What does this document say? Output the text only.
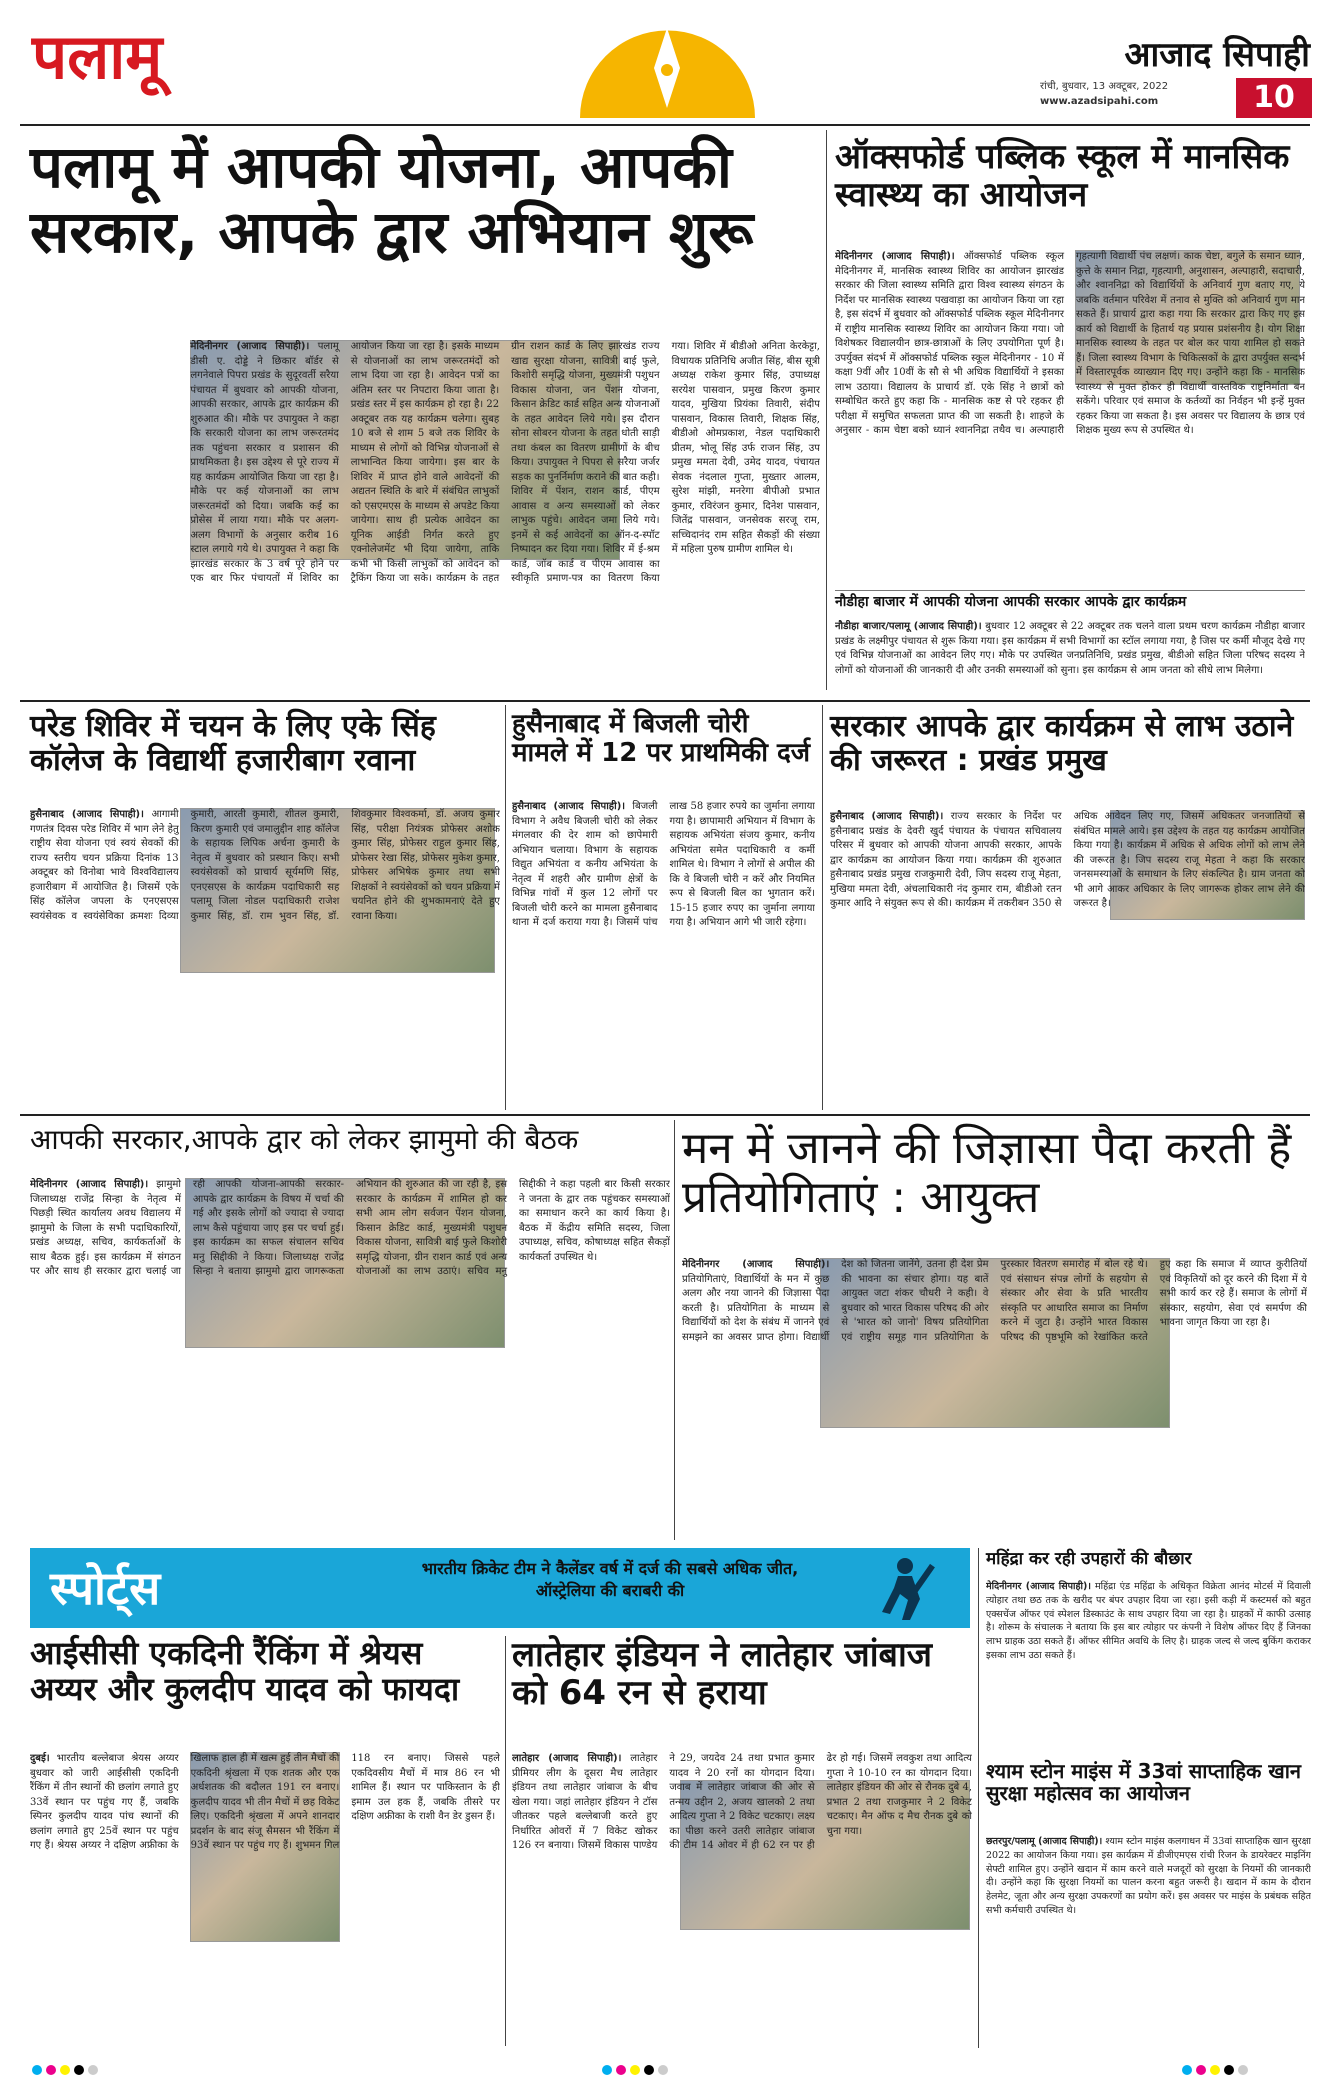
पलामू	आजाद सिपाही
रांची, बुधवार, 13 अक्टूबर, 2022
www.azadsipahi.com	10
पलामू में आपकी योजना, आपकी सरकार, आपके द्वार अभियान शुरू
मेदिनीनगर (आजाद सिपाही)। पलामू डीसी ए. दोड्डे ने छिकार बॉर्डर से लगनेवाले पिपरा प्रखंड के सुदूरवर्ती सरैया पंचायत में बुधवार को आपकी योजना, आपकी सरकार, आपके द्वार कार्यक्रम की शुरुआत की। मौके पर उपायुक्त ने कहा कि सरकारी योजना का लाभ जरूरतमंद तक पहुंचना सरकार व प्रशासन की प्राथमिकता है। इस उद्देश्य से पूरे राज्य में यह कार्यक्रम आयोजित किया जा रहा है। मौके पर कई योजनाओं का लाभ जरूरतमंदों को दिया। जबकि कई का प्रोसेस में लाया गया। मौके पर अलग-अलग विभागों के अनुसार करीब 16 स्टाल लगाये गये थे। उपायुक्त ने कहा कि झारखंड सरकार के 3 वर्ष पूरे होने पर एक बार फिर पंचायतों में शिविर का आयोजन किया जा रहा है। इसके माध्यम से योजनाओं का लाभ जरूरतमंदों को लाभ दिया जा रहा है। आवेदन पत्रों का अंतिम स्तर पर निपटारा किया जाता है। प्रखंड स्तर में इस कार्यक्रम हो रहा है। 22 अक्टूबर तक यह कार्यक्रम चलेगा। सुबह 10 बजे से शाम 5 बजे तक शिविर के माध्यम से लोगों को विभिन्न योजनाओं से लाभान्वित किया जायेगा। इस बार के शिविर में प्राप्त होने वाले आवेदनों की अद्यतन स्थिति के बारे में संबंधित लाभुकों को एसएमएस के माध्यम से अपडेट किया जायेगा। साथ ही प्रत्येक आवेदन का यूनिक आईडी निर्गत करते हुए एक्नोलेजमेंट भी दिया जायेगा, ताकि कभी भी किसी लाभुकों को आवेदन को ट्रैकिंग किया जा सके। कार्यक्रम के तहत ग्रीन राशन कार्ड के लिए झारखंड राज्य खाद्य सुरक्षा योजना, सावित्री बाई फुले, किशोरी समृद्धि योजना, मुख्यमंत्री पशुधन विकास योजना, जन पेंशन योजना, किसान क्रेडिट कार्ड सहित अन्य योजनाओं के तहत आवेदन लिये गये। इस दौरान सोना सोबरन योजना के तहत धोती साड़ी तथा कंबल का वितरण ग्रामीणों के बीच किया। उपायुक्त ने पिपरा से सरैया जर्जर सड़क का पुनर्निर्माण कराने की बात कही। शिविर में पेंशन, राशन कार्ड, पीएम आवास व अन्य समस्याओं को लेकर लाभुक पहुंचे। आवेदन जमा लिये गये। इनमें से कई आवेदनों का ऑन-द-स्पॉट निष्पादन कर दिया गया। शिविर में ई-श्रम कार्ड, जॉब कार्ड व पीएम आवास का स्वीकृति प्रमाण-पत्र का वितरण किया गया। शिविर में बीडीओ अनिता केरकेट्टा, विधायक प्रतिनिधि अजीत सिंह, बीस सूत्री अध्यक्ष राकेश कुमार सिंह, उपाध्यक्ष सरयेश पासवान, प्रमुख किरण कुमार यादव, मुखिया प्रियंका तिवारी, संदीप पासवान, विकास तिवारी, शिक्षक सिंह, बीडीओ ओमप्रकाश, नेडल पदाधिकारी प्रीतम, भोलू सिंह उर्फ राजन सिंह, उप प्रमुख ममता देवी, उमेद यादव, पंचायत सेवक नंदलाल गुप्ता, मुख्तार आलम, सुरेश मांझी, मनरेगा बीपीओ प्रभात कुमार, रविरंजन कुमार, दिनेश पासवान, जितेंद्र पासवान, जनसेवक सरजू राम, सच्चिदानंद राम सहित सैकड़ों की संख्या में महिला पुरुष ग्रामीण शामिल थे।
ऑक्सफोर्ड पब्लिक स्कूल में मानसिक स्वास्थ्य का आयोजन
मेदिनीनगर (आजाद सिपाही)। ऑक्सफोर्ड पब्लिक स्कूल मेदिनीनगर में, मानसिक स्वास्थ्य शिविर का आयोजन झारखंड सरकार की जिला स्वास्थ्य समिति द्वारा विश्व स्वास्थ्य संगठन के निर्देश पर मानसिक स्वास्थ्य पखवाड़ा का आयोजन किया जा रहा है, इस संदर्भ में बुधवार को ऑक्सफोर्ड पब्लिक स्कूल मेदिनीनगर में राष्ट्रीय मानसिक स्वास्थ्य शिविर का आयोजन किया गया। जो विशेषकर विद्यालयीन छात्र-छात्राओं के लिए उपयोगिता पूर्ण है। उपर्युक्त संदर्भ में ऑक्सफोर्ड पब्लिक स्कूल मेदिनीनगर - 10 में कक्षा 9वीं और 10वीं के सौ से भी अधिक विद्यार्थियों ने इसका लाभ उठाया। विद्यालय के प्राचार्य डॉ. एके सिंह ने छात्रों को सम्बोधित करते हुए कहा कि - मानसिक कष्ट से परे रहकर ही परीक्षा में समुचित सफलता प्राप्त की जा सकती है। शाहजे के अनुसार - काम चेष्टा बको ध्यानं श्वाननिद्रा तथैव च। अल्पाहारी गृहत्यागी विद्यार्थी पंच लक्षणं। काक चेष्टा, बगुले के समान ध्यान, कुत्ते के समान निद्रा, गृहत्यागी, अनुशासन, अल्पाहारी, सदाचारी, और श्वाननिद्रा को विद्यार्थियों के अनिवार्य गुण बताए गए, ये जबकि वर्तमान परिवेश में तनाव से मुक्ति को अनिवार्य गुण मान सकते हैं। प्राचार्य द्वारा कहा गया कि सरकार द्वारा किए गए इस कार्य को विद्यार्थी के हितार्थ यह प्रयास प्रशंसनीय है। योग शिक्षा मानसिक स्वास्थ्य के तहत पर बोल कर पाया शामिल हो सकते हैं। जिला स्वास्थ्य विभाग के चिकित्सकों के द्वारा उपर्युक्त सन्दर्भ में विस्तारपूर्वक व्याख्यान दिए गए। उन्होंने कहा कि - मानसिक स्वास्थ्य से मुक्त होकर ही विद्यार्थी वास्तविक राष्ट्रनिर्माता बन सकेंगे। परिवार एवं समाज के कर्तव्यों का निर्वहन भी इन्हें मुक्त रहकर किया जा सकता है। इस अवसर पर विद्यालय के छात्र एवं शिक्षक मुख्य रूप से उपस्थित थे।
नौडीहा बाजार में आपकी योजना आपकी सरकार आपके द्वार कार्यक्रम
नौडीहा बाजार/पलामू (आजाद सिपाही)। बुधवार 12 अक्टूबर से 22 अक्टूबर तक चलने वाला प्रथम चरण कार्यक्रम नौडीहा बाजार प्रखंड के लक्ष्मीपुर पंचायत से शुरू किया गया। इस कार्यक्रम में सभी विभागों का स्टॉल लगाया गया, है जिस पर कर्मी मौजूद देखे गए एवं विभिन्न योजनाओं का आवेदन लिए गए। मौके पर उपस्थित जनप्रतिनिधि, प्रखंड प्रमुख, बीडीओ सहित जिला परिषद सदस्य ने लोगों को योजनाओं की जानकारी दी और उनकी समस्याओं को सुना। इस कार्यक्रम से आम जनता को सीधे लाभ मिलेगा।
परेड शिविर में चयन के लिए एके सिंह कॉलेज के विद्यार्थी हजारीबाग रवाना
हुसैनाबाद (आजाद सिपाही)। आगामी गणतंत्र दिवस परेड शिविर में भाग लेने हेतु राष्ट्रीय सेवा योजना एवं स्वयं सेवकों की राज्य स्तरीय चयन प्रक्रिया दिनांक 13 अक्टूबर को विनोबा भावे विश्वविद्यालय हजारीबाग में आयोजित है। जिसमें एके सिंह कॉलेज जपला के एनएसएस स्वयंसेवक व स्वयंसेविका क्रमशः दिव्या कुमारी, आरती कुमारी, शीतल कुमारी, किरण कुमारी एवं जमालुद्दीन शाह कॉलेज के सहायक लिपिक अर्चना कुमारी के नेतृत्व में बुधवार को प्रस्थान किए। सभी स्वयंसेवकों को प्राचार्य सूर्यमणि सिंह, एनएसएस के कार्यक्रम पदाधिकारी सह पलामू जिला नोडल पदाधिकारी राजेश कुमार सिंह, डॉ. राम भुवन सिंह, डॉ. शिवकुमार विश्वकर्मा, डॉ. अजय कुमार सिंह, परीक्षा नियंत्रक प्रोफेसर अशोक कुमार सिंह, प्रोफेसर राहुल कुमार सिंह, प्रोफेसर रेखा सिंह, प्रोफेसर मुकेश कुमार, प्रोफेसर अभिषेक कुमार तथा सभी शिक्षकों ने स्वयंसेवकों को चयन प्रक्रिया में चयनित होने की शुभकामनाएं देते हुए रवाना किया।
हुसैनाबाद में बिजली चोरी मामले में 12 पर प्राथमिकी दर्ज
हुसैनाबाद (आजाद सिपाही)। बिजली विभाग ने अवैध बिजली चोरी को लेकर मंगलवार की देर शाम को छापेमारी अभियान चलाया। विभाग के सहायक विद्युत अभियंता व कनीय अभियंता के नेतृत्व में शहरी और ग्रामीण क्षेत्रों के विभिन्न गांवों में कुल 12 लोगों पर बिजली चोरी करने का मामला हुसैनाबाद थाना में दर्ज कराया गया है। जिसमें पांच लाख 58 हजार रुपये का जुर्माना लगाया गया है। छापामारी अभियान में विभाग के सहायक अभियंता संजय कुमार, कनीय अभियंता समेत पदाधिकारी व कर्मी शामिल थे। विभाग ने लोगों से अपील की कि वे बिजली चोरी न करें और नियमित रूप से बिजली बिल का भुगतान करें। 15-15 हजार रुपए का जुर्माना लगाया गया है। अभियान आगे भी जारी रहेगा।
सरकार आपके द्वार कार्यक्रम से लाभ उठाने की जरूरत : प्रखंड प्रमुख
हुसैनाबाद (आजाद सिपाही)। राज्य सरकार के निर्देश पर हुसैनाबाद प्रखंड के देवरी खुर्द पंचायत के पंचायत सचिवालय परिसर में बुधवार को आपकी योजना आपकी सरकार, आपके द्वार कार्यक्रम का आयोजन किया गया। कार्यक्रम की शुरुआत हुसैनाबाद प्रखंड प्रमुख राजकुमारी देवी, जिप सदस्य राजू मेहता, मुखिया ममता देवी, अंचलाधिकारी नंद कुमार राम, बीडीओ रतन कुमार आदि ने संयुक्त रूप से की। कार्यक्रम में तकरीबन 350 से अधिक आवेदन लिए गए, जिसमें अधिकतर जनजातियों से संबंधित मामले आये। इस उद्देश्य के तहत यह कार्यक्रम आयोजित किया गया है। कार्यक्रम में अधिक से अधिक लोगों को लाभ लेने की जरूरत है। जिप सदस्य राजू मेहता ने कहा कि सरकार जनसमस्याओं के समाधान के लिए संकल्पित है। ग्राम जनता को भी आगे आकर अधिकार के लिए जागरूक होकर लाभ लेने की जरूरत है।
आपकी सरकार,आपके द्वार को लेकर झामुमो की बैठक
मेदिनीनगर (आजाद सिपाही)। झामुमो जिलाध्यक्ष राजेंद्र सिन्हा के नेतृत्व में पिछड़ी स्थित कार्यालय अवध विद्यालय में झामुमो के जिला के सभी पदाधिकारियों, प्रखंड अध्यक्ष, सचिव, कार्यकर्ताओं के साथ बैठक हुई। इस कार्यक्रम में संगठन पर और साथ ही सरकार द्वारा चलाई जा रही आपकी योजना-आपकी सरकार-आपके द्वार कार्यक्रम के विषय में चर्चा की गई और इसके लोगों को ज्यादा से ज्यादा लाभ कैसे पहुंचाया जाए इस पर चर्चा हुई। इस कार्यक्रम का सफल संचालन सचिव मनु सिद्दीकी ने किया। जिलाध्यक्ष राजेंद्र सिन्हा ने बताया झामुमो द्वारा जागरूकता अभियान की शुरुआत की जा रही है, इस सरकार के कार्यक्रम में शामिल हो कर सभी आम लोग सर्वजन पेंशन योजना, किसान क्रेडिट कार्ड, मुख्यमंत्री पशुधन विकास योजना, सावित्री बाई फुले किशोरी समृद्धि योजना, ग्रीन राशन कार्ड एवं अन्य योजनाओं का लाभ उठाएं। सचिव मनु सिद्दीकी ने कहा पहली बार किसी सरकार ने जनता के द्वार तक पहुंचकर समस्याओं का समाधान करने का कार्य किया है। बैठक में केंद्रीय समिति सदस्य, जिला उपाध्यक्ष, सचिव, कोषाध्यक्ष सहित सैकड़ों कार्यकर्ता उपस्थित थे।
मन में जानने की जिज्ञासा पैदा करती हैं प्रतियोगिताएं : आयुक्त
मेदिनीनगर (आजाद सिपाही)। प्रतियोगिताएं, विद्यार्थियों के मन में कुछ अलग और नया जानने की जिज्ञासा पैदा करती है। प्रतियोगिता के माध्यम से विद्यार्थियों को देश के संबंध में जानने एवं समझने का अवसर प्राप्त होगा। विद्यार्थी देश को जितना जानेंगे, उतना ही देश प्रेम की भावना का संचार होगा। यह बातें आयुक्त जटा शंकर चौधरी ने कही। वे बुधवार को भारत विकास परिषद की ओर से 'भारत को जानो' विषय प्रतियोगिता एवं राष्ट्रीय समूह गान प्रतियोगिता के पुरस्कार वितरण समारोह में बोल रहे थे। एवं संसाधन संपन्न लोगों के सहयोग से संस्कार और सेवा के प्रति भारतीय संस्कृति पर आधारित समाज का निर्माण करने में जुटा है। उन्होंने भारत विकास परिषद की पृष्ठभूमि को रेखांकित करते हुए कहा कि समाज में व्याप्त कुरीतियों एवं विकृतियों को दूर करने की दिशा में ये सभी कार्य कर रहे हैं। समाज के लोगों में संस्कार, सहयोग, सेवा एवं समर्पण की भावना जागृत किया जा रहा है।
स्पोर्ट्स	भारतीय क्रिकेट टीम ने कैलेंडर वर्ष में दर्ज की सबसे अधिक जीत, ऑस्ट्रेलिया की बराबरी की
आईसीसी एकदिनी रैंकिंग में श्रेयस अय्यर और कुलदीप यादव को फायदा
दुबई। भारतीय बल्लेबाज श्रेयस अय्यर बुधवार को जारी आईसीसी एकदिनी रैंकिंग में तीन स्थानों की छलांग लगाते हुए 33वें स्थान पर पहुंच गए हैं, जबकि स्पिनर कुलदीप यादव पांच स्थानों की छलांग लगाते हुए 25वें स्थान पर पहुंच गए हैं। श्रेयस अय्यर ने दक्षिण अफ्रीका के खिलाफ हाल ही में खत्म हुई तीन मैचों की एकदिनी श्रृंखला में एक शतक और एक अर्धशतक की बदौलत 191 रन बनाए। कुलदीप यादव भी तीन मैचों में छह विकेट लिए। एकदिनी श्रृंखला में अपने शानदार प्रदर्शन के बाद संजू सैमसन भी रैंकिंग में 93वें स्थान पर पहुंच गए हैं। शुभमन गिल 118 रन बनाए। जिससे पहले एकदिवसीय मैचों में मात्र 86 रन भी शामिल हैं। स्थान पर पाकिस्तान के ही इमाम उल हक हैं, जबकि तीसरे पर दक्षिण अफ्रीका के राशी वैन डेर डुसन हैं।
लातेहार इंडियन ने लातेहार जांबाज को 64 रन से हराया
लातेहार (आजाद सिपाही)। लातेहार प्रीमियर लीग के दूसरा मैच लातेहार इंडियन तथा लातेहार जांबाज के बीच खेला गया। जहां लातेहार इंडियन ने टॉस जीतकर पहले बल्लेबाजी करते हुए निर्धारित ओवरों में 7 विकेट खोकर 126 रन बनाया। जिसमें विकास पाण्डेय ने 29, जयदेव 24 तथा प्रभात कुमार यादव ने 20 रनों का योगदान दिया। जवाब में लातेहार जांबाज की ओर से तन्मय उद्दीन 2, अजय खालको 2 तथा आदित्य गुप्ता ने 2 विकेट चटकाए। लक्ष्य का पीछा करने उतरी लातेहार जांबाज की टीम 14 ओवर में ही 62 रन पर ही ढेर हो गई। जिसमें लवकुश तथा आदित्य गुप्ता ने 10-10 रन का योगदान दिया। लातेहार इंडियन की ओर से रौनक दुबे 4, प्रभात 2 तथा राजकुमार ने 2 विकेट चटकाए। मैन ऑफ द मैच रौनक दुबे को चुना गया।
महिंद्रा कर रही उपहारों की बौछार
मेदिनीनगर (आजाद सिपाही)। महिंद्रा एंड महिंद्रा के अधिकृत विक्रेता आनंद मोटर्स में दिवाली त्योहार तथा छठ तक के खरीद पर बंपर उपहार दिया जा रहा। इसी कड़ी में कस्टमर्स को बहुत एक्सचेंज ऑफर एवं स्पेशल डिस्काउंट के साथ उपहार दिया जा रहा है। ग्राहकों में काफी उत्साह है। शोरूम के संचालक ने बताया कि इस बार त्योहार पर कंपनी ने विशेष ऑफर दिए हैं जिनका लाभ ग्राहक उठा सकते हैं। ऑफर सीमित अवधि के लिए है। ग्राहक जल्द से जल्द बुकिंग कराकर इसका लाभ उठा सकते हैं।
श्याम स्टोन माइंस में 33वां साप्ताहिक खान सुरक्षा महोत्सव का आयोजन
छतरपुर/पलामू (आजाद सिपाही)। श्याम स्टोन माइंस कलगाधन में 33वां साप्ताहिक खान सुरक्षा 2022 का आयोजन किया गया। इस कार्यक्रम में डीजीएमएस रांची रिजन के डायरेक्टर माइनिंग सेफ्टी शामिल हुए। उन्होंने खदान में काम करने वाले मजदूरों को सुरक्षा के नियमों की जानकारी दी। उन्होंने कहा कि सुरक्षा नियमों का पालन करना बहुत जरूरी है। खदान में काम के दौरान हेलमेट, जूता और अन्य सुरक्षा उपकरणों का प्रयोग करें। इस अवसर पर माइंस के प्रबंधक सहित सभी कर्मचारी उपस्थित थे।
